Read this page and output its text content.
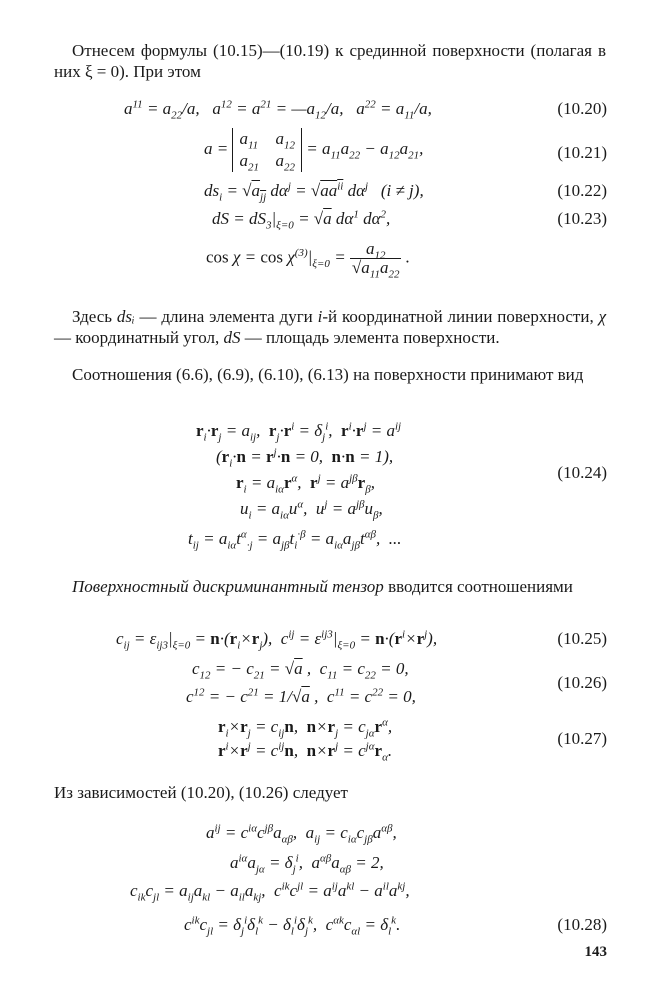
Отнесем формулы (10.15)—(10.19) к срединной поверхности (полагая в них ξ = 0). При этом
$a^{11} = a_{22}/a$,   $a^{12} = a^{21}$ = $—a_{12}/a$,   $a^{22} = a_{11}/a$,	(10.20)
a =
$a_{11}$ $a_{12}$
$a_{21}$ $a_{22}$
= $a_{11}a_{22} - a_{12}a_{21}$,	(10.21)
$ds_i = √a_{jj}$ $d\alpha^j = √aa^{ii}$ $d\alpha^j$   (i ≠ j),	(10.22)
dS = $dS_3|_{\xi=0} = √a$ $d\alpha^1$ $d\alpha^2$,	(10.23)
$\cos \chi = \cos \chi^{(3)}|_{\xi=0} = \frac{a_{12}}{√a_{11}a_{22}}$ .
Здесь dsᵢ — длина элемента дуги i-й координатной линии поверхности, χ — координатный угол, dS — площадь элемента поверхности.
Соотношения (6.6), (6.9), (6.10), (6.13) на поверхности принимают вид
$r_i\cdot r_j = a_{ij}$,  $r_j\cdot r^i = \delta_j^i$,  $r^i\cdot r^j = a^{ij}$
($r_i\cdot n = r^j\cdot n = 0$,  n·n = 1),
$r_i = a_{i\alpha}r^\alpha$,  $r^j = a^{j\beta}r_\beta$,
(10.24)
$u_i = a_{i\alpha}u^\alpha$,  $u^j = a^{j\beta}u_\beta$,
$t_{ij} = a_{i\alpha}t^\alpha_{\cdot j} = a_{j\beta}t_i^{\cdot\beta} = a_{i\alpha}a_{j\beta}t^{\alpha\beta}$,  ...
Поверхностный дискриминантный тензор вводится соотношениями
$c_{ij} = \varepsilon_{ij3}|_{\xi=0} = n\cdot(r_i\times r_j)$,  $c^{ij} = \varepsilon^{ij3}|_{\xi=0} = n\cdot(r^i\times r^j)$,	(10.25)
$c_{12}$ = − $c_{21} = √a$ ,  $c_{11} = c_{22} = 0$,
(10.26)
$c^{12}$ = − $c^{21} = 1/√a$ ,  $c^{11} = c^{22} = 0$,
$r_i\times r_j = c_{ij}n$,  $n\times r_j = c_{j\alpha}r^\alpha$,
(10.27)
$r^i\times r^j = c^{ij}n$,  $n\times r^j = c^{j\alpha}r_\alpha$.
Из зависимостей (10.20), (10.26) следует
$a^{ij} = c^{i\alpha}c^{j\beta}a_{\alpha\beta}$,  $a_{ij} = c_{i\alpha}c_{j\beta}a^{\alpha\beta}$,
$a^{i\alpha}a_{j\alpha} = \delta_j^i$,  $a^{\alpha\beta}a_{\alpha\beta} = 2$,
$c_{ik}c_{jl} = a_{ij}a_{kl} - a_{il}a_{kj}$,  $c^{ik}c^{jl} = a^{ij}a^{kl} - a^{il}a^{kj}$,
$c^{ik}c_{jl} = \delta_j^i\delta_l^k - \delta_l^i\delta_j^k$,  $c^{\alpha k}c_{\alpha l} = \delta_l^k$.	(10.28)
143
